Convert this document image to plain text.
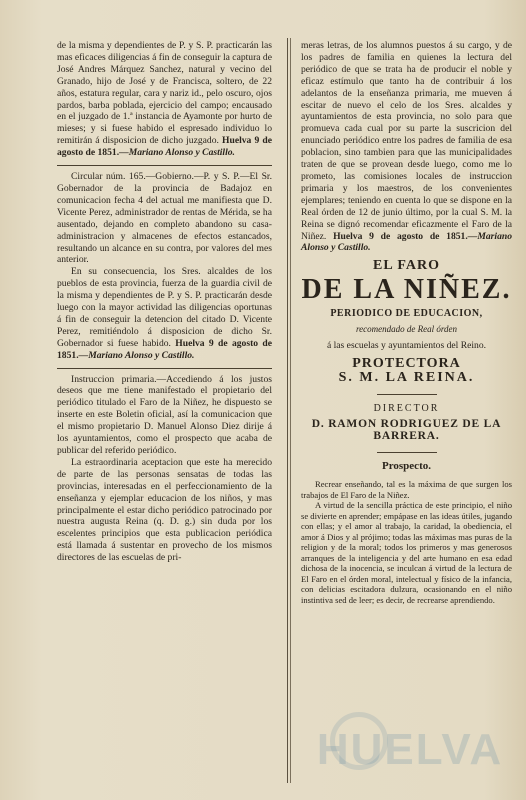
de la misma y dependientes de P. y S. P. practicarán las mas eficaces diligencias á fin de conseguir la captura de José Andres Márquez Sanchez, natural y vecino del Granado, hijo de José y de Francisca, soltero, de 22 años, estatura regular, cara y nariz id., pelo oscuro, ojos pardos, barba poblada, ejercicio del campo; encausado en el juzgado de 1.ª instancia de Ayamonte por hurto de mieses; y si fuese habido el espresado individuo lo remitirán á disposicion de dicho juzgado. Huelva 9 de agosto de 1851.—Mariano Alonso y Castillo.

Circular núm. 165.—Gobierno.—P. y S. P.—El Sr. Gobernador de la provincia de Badajoz en comunicacion fecha 4 del actual me manifiesta que D. Vicente Perez, administrador de rentas de Mérida, se ha ausentado, dejando en completo abandono su casa-administracion y almacenes de efectos estancados, resultando un alcance en su contra, por valores del mes anterior.

En su consecuencia, los Sres. alcaldes de los pueblos de esta provincia, fuerza de la guardia civil de la misma y dependientes de P. y S. P. practicarán desde luego con la mayor actividad las diligencias oportunas á fin de conseguir la detencion del citado D. Vicente Perez, remitiéndolo á disposicion de dicho Sr. Gobernador si fuese habido. Huelva 9 de agosto de 1851.—Mariano Alonso y Castillo.

Instruccion primaria.—Accediendo á los justos deseos que me tiene manifestado el propietario del periódico titulado el Faro de la Niñez, he dispuesto se inserte en este Boletin oficial, así la comunicacion que el mismo propietario D. Manuel Alonso Diez dirije á los ayuntamientos, como el prospecto que acaba de publicar del referido periódico.

La estraordinaria aceptacion que este ha merecido de parte de las personas sensatas de todas las provincias, interesadas en el perfeccionamiento de la enseñanza y ejemplar educacion de los niños, y mas principalmente el estar dicho periódico patrocinado por nuestra augusta Reina (q. D. g.) sin duda por los escelentes principios que esta publicacion periódica está llamada á sustentar en provecho de los mismos directores de las escuelas de pri-

meras letras, de los alumnos puestos á su cargo, y de los padres de familia en quienes la lectura del periódico de que se trata ha de producir el noble y eficaz estímulo que tanto ha de contribuir á los adelantos de la enseñanza primaria, me mueven á escitar de nuevo el celo de los Sres. alcaldes y ayuntamientos de esta provincia, no solo para que promueva cada cual por su parte la suscricion del enunciado periódico entre los padres de familia de esa poblacion, sino tambien para que las municipalidades traten de que se provean desde luego, como me lo prometo, las comisiones locales de instruccion primaria y los maestros, de los convenientes ejemplares; teniendo en cuenta lo que se dispone en la Real órden de 12 de junio último, por la cual S. M. la Reina se dignó recomendar eficazmente el Faro de la Niñez. Huelva 9 de agosto de 1851.—Mariano Alonso y Castillo.

EL FARO
DE LA NIÑEZ.
PERIODICO DE EDUCACION,
recomendado de Real órden
á las escuelas y ayuntamientos del Reino.
PROTECTORA
S. M. LA REINA.
DIRECTOR
D. RAMON RODRIGUEZ DE LA BARRERA.
Prospecto.

Recrear enseñando, tal es la máxima de que surgen los trabajos de El Faro de la Niñez.

A virtud de la sencilla práctica de este principio, el niño se divierte en aprender; empápase en las ideas útiles, jugando con ellas; y el amor al trabajo, la caridad, la obediencia, el amor á Dios y al prójimo; todas las máximas mas puras de la religion y de la moral; todos los primeros y mas generosos arranques de la inteligencia y del arte humano en esa edad dichosa de la inocencia, se inculcan á virtud de la lectura de El Faro en el órden moral, intelectual y físico de la infancia, con delicias escitadora dulzura, ocasionando en el niño instintiva sed de leer; es decir, de recrearse aprendiendo.

HUELVA
